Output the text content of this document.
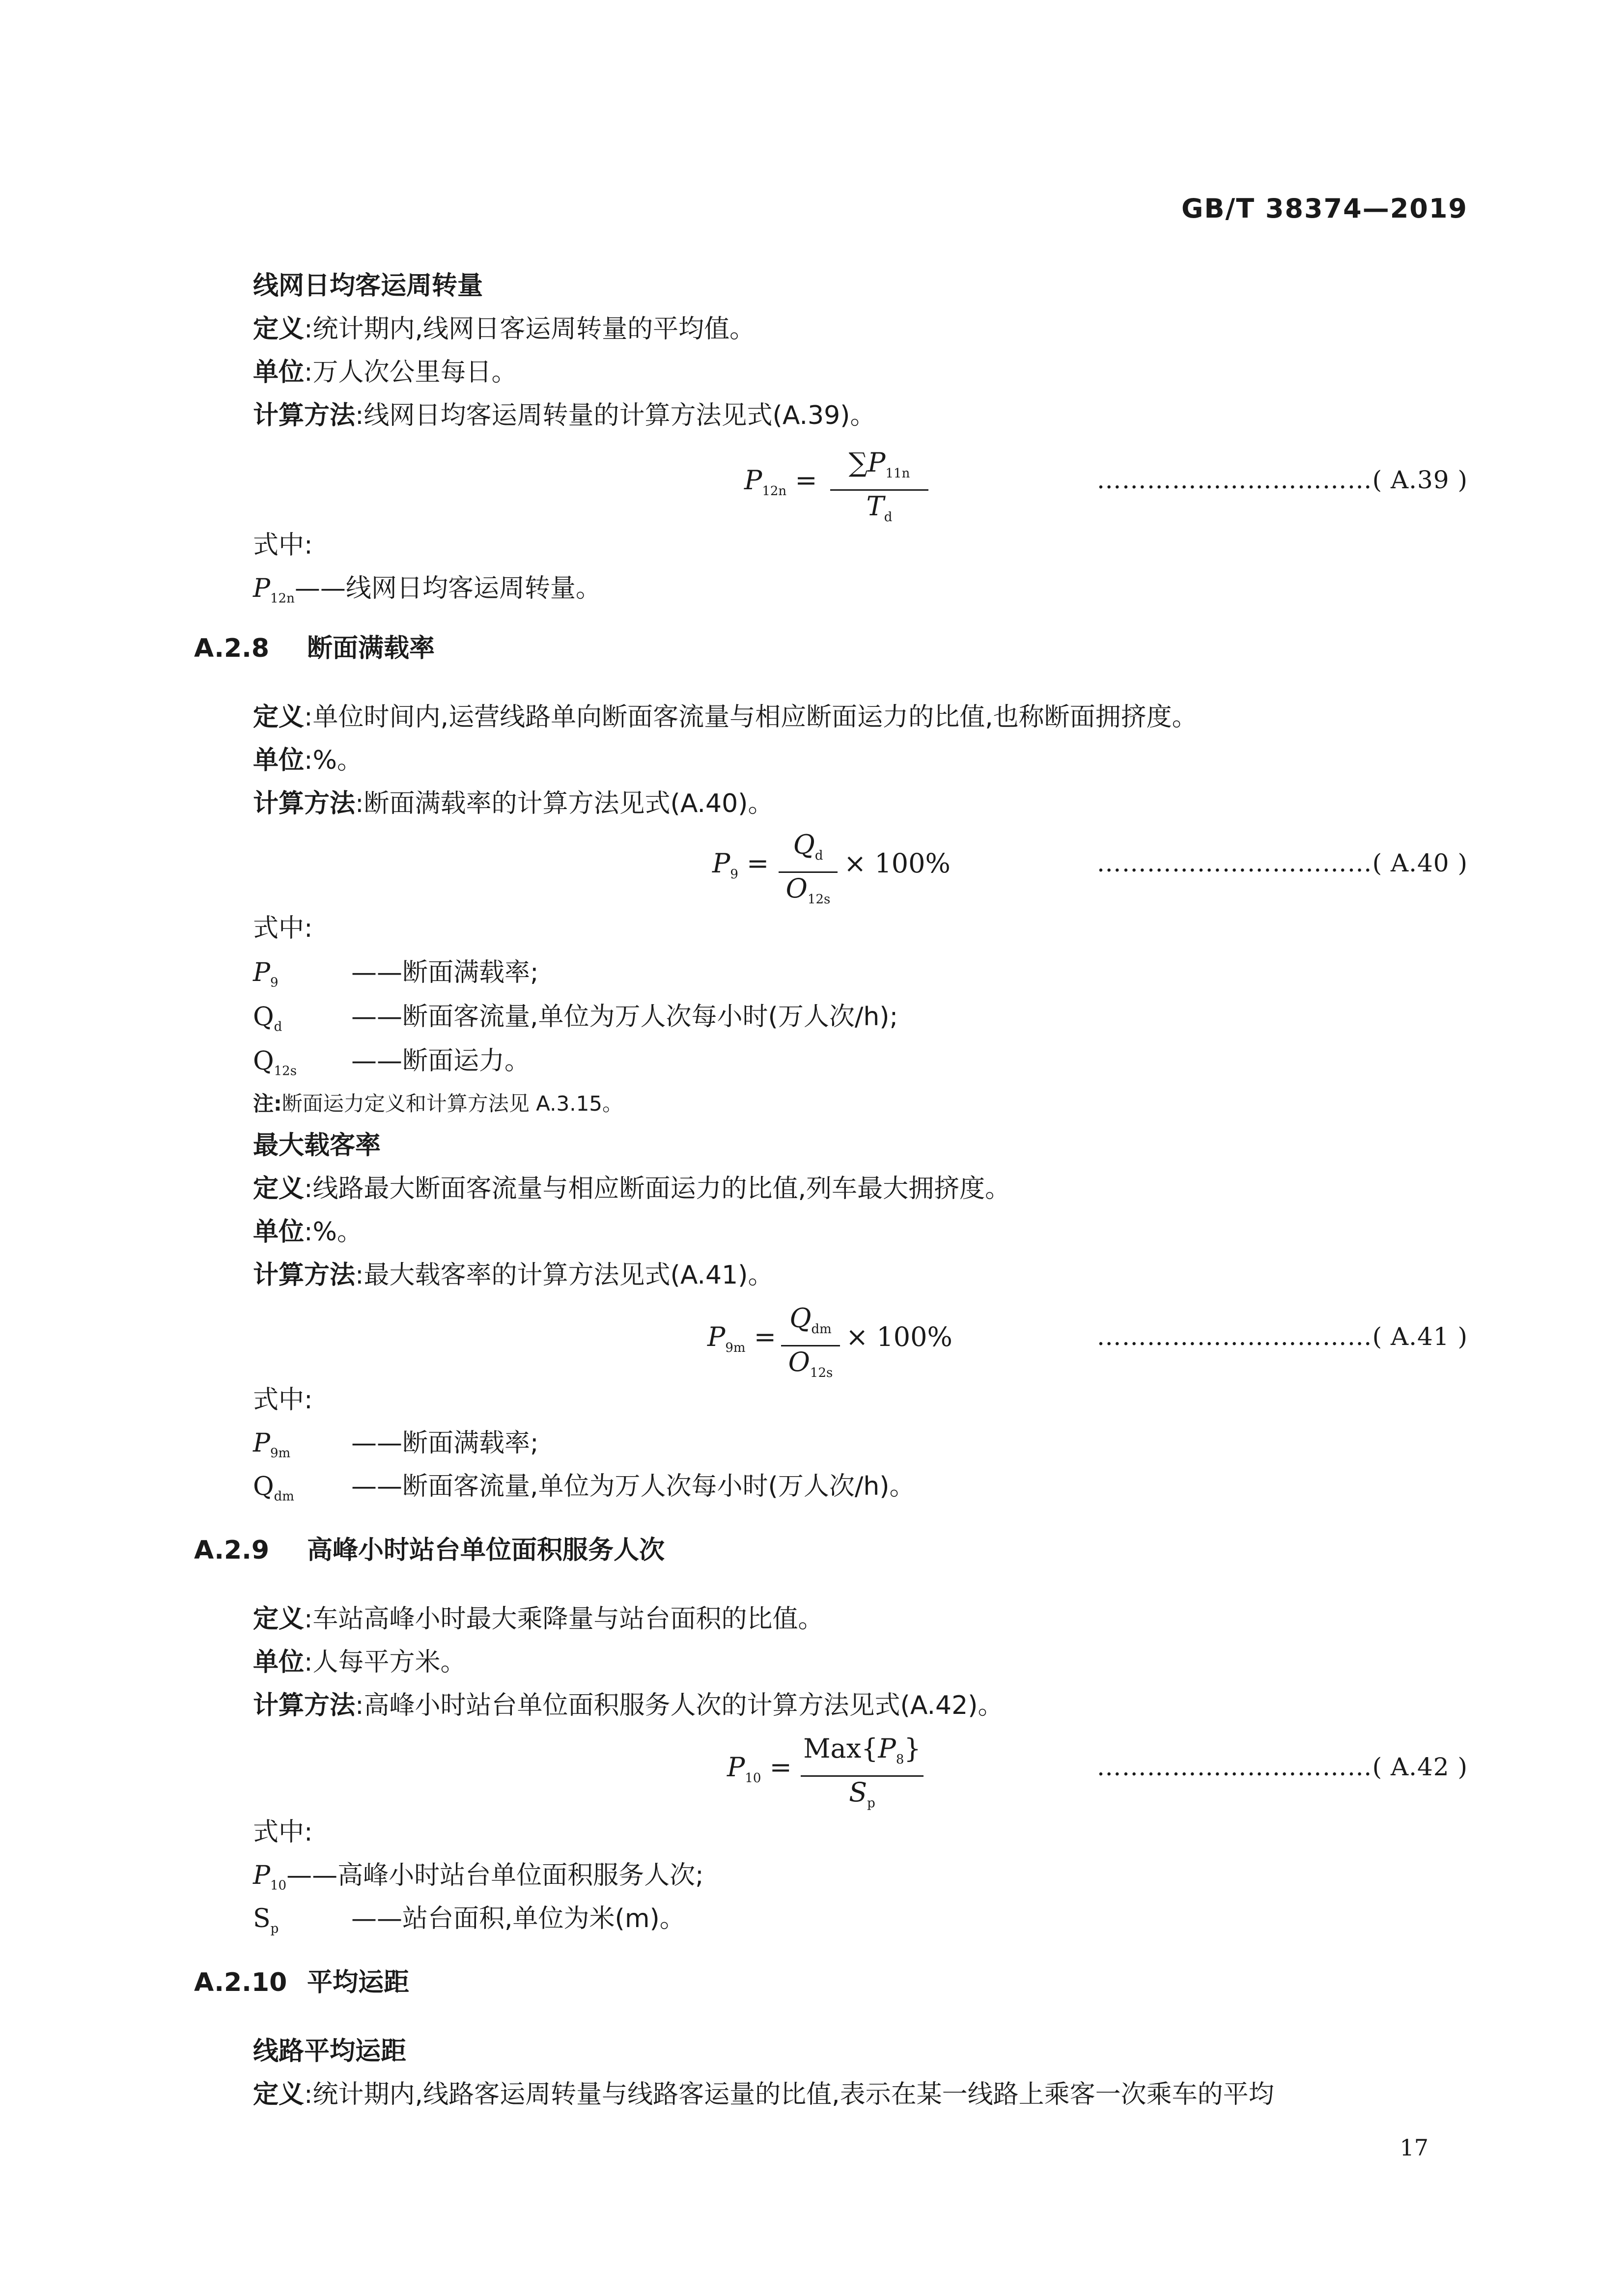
GB/T 38374—2019
线网日均客运周转量
定义:统计期内,线网日客运周转量的平均值。
单位:万人次公里每日。
计算方法:线网日均客运周转量的计算方法见式(A.39)。
$P_{12n}$ =
$\sum P_{11n}$
$T_d$
……………………………( A.39 )
式中:
$P_{12n}——$线网日均客运周转量。
A.2.8 断面满载率
定义:单位时间内,运营线路单向断面客流量与相应断面运力的比值,也称断面拥挤度。
单位:%。
计算方法:断面满载率的计算方法见式(A.40)。
$P_9$ =
$Q_d$
$O_{12s}$
× 100%	……………………………( A.40 )
式中:
$P_9$	——断面满载率;
$Q_d$	——断面客流量,单位为万人次每小时(万人次/h);
$Q_{12s}$ ——断面运力。
注:断面运力定义和计算方法见 A.3.15。
最大载客率
定义:线路最大断面客流量与相应断面运力的比值,列车最大拥挤度。
单位:%。
计算方法:最大载客率的计算方法见式(A.41)。
$P_{9m}$ =
$Q_{dm}$
$O_{12s}$
× 100%	……………………………( A.41 )
式中:
$P_{9m}$ ——断面满载率;
$Q_{dm}$ ——断面客流量,单位为万人次每小时(万人次/h)。
A.2.9 高峰小时站台单位面积服务人次
定义:车站高峰小时最大乘降量与站台面积的比值。
单位:人每平方米。
计算方法:高峰小时站台单位面积服务人次的计算方法见式(A.42)。
$P_{10}$ =
$Max\{P_8\}$
$S_p$
……………………………( A.42 )
式中:
$P_{10}——$高峰小时站台单位面积服务人次;
$S_p$	——站台面积,单位为米(m)。
A.2.10 平均运距
线路平均运距
定义:统计期内,线路客运周转量与线路客运量的比值,表示在某一线路上乘客一次乘车的平均
17
